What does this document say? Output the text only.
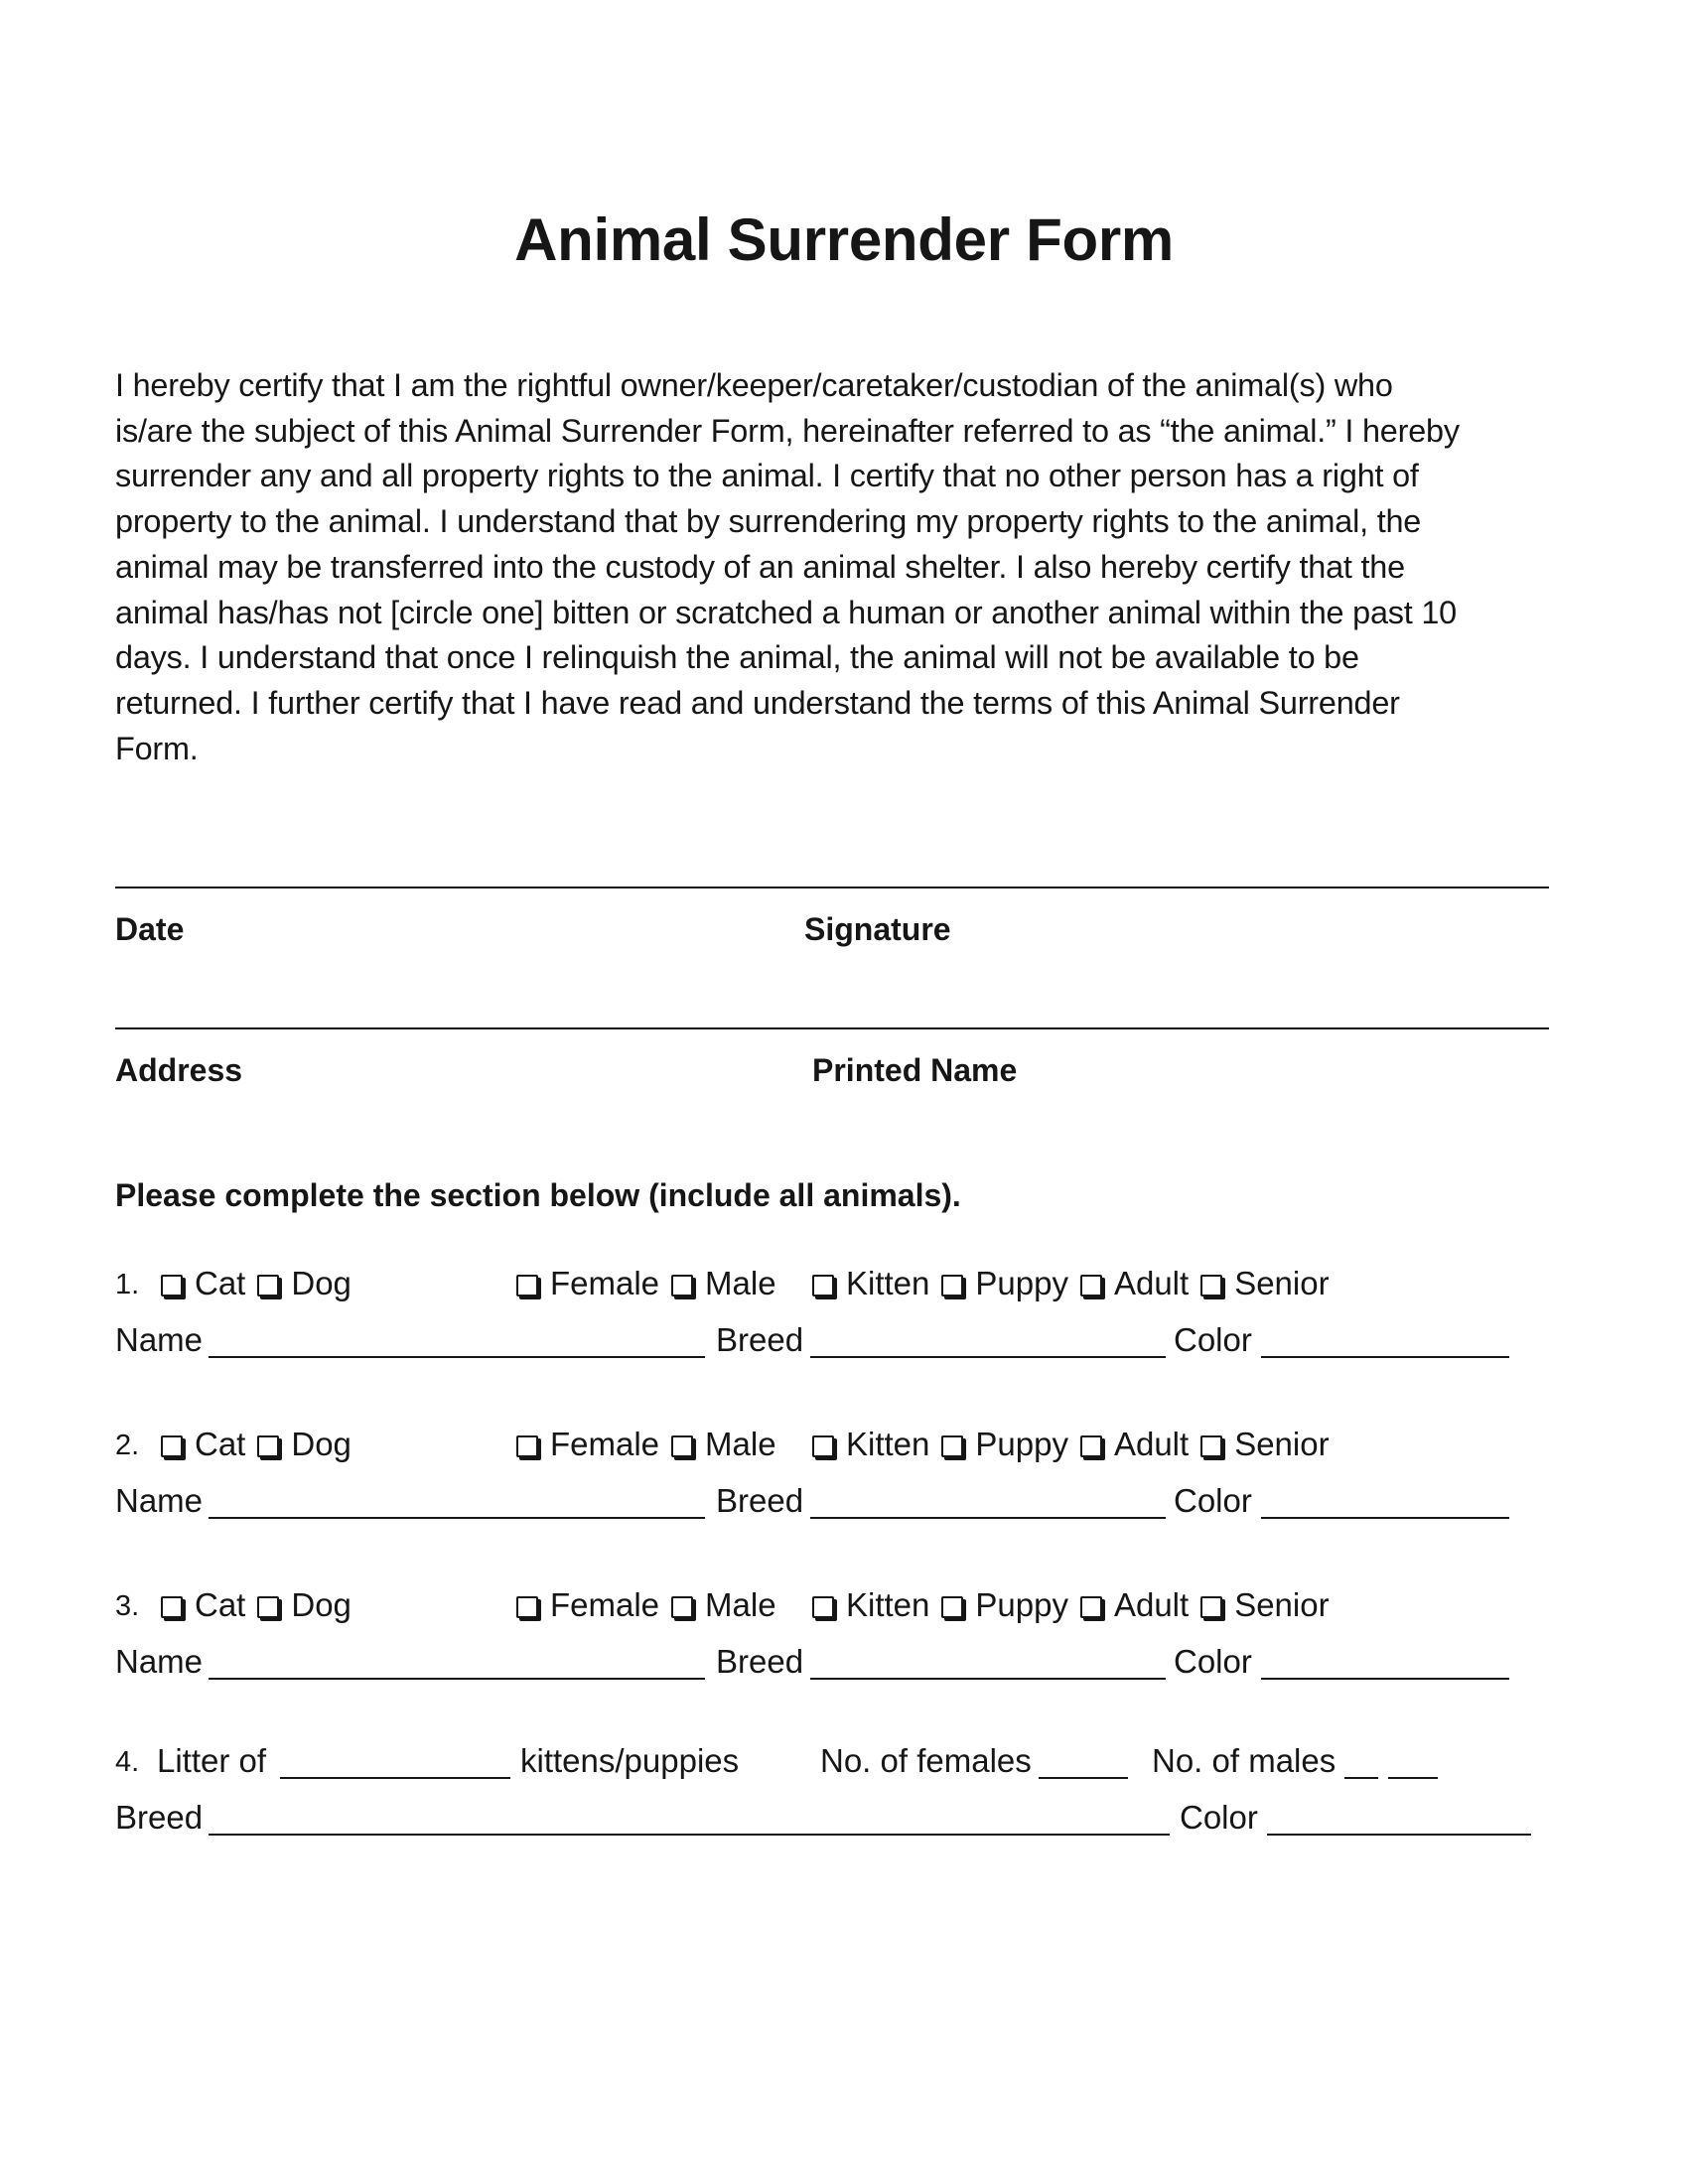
Animal Surrender Form

I hereby certify that I am the rightful owner/keeper/caretaker/custodian of the animal(s) who

is/are the subject of this Animal Surrender Form, hereinafter referred to as “the animal.” I hereby

surrender any and all property rights to the animal. I certify that no other person has a right of

property to the animal. I understand that by surrendering my property rights to the animal, the

animal may be transferred into the custody of an animal shelter. I also hereby certify that the

animal has/has not [circle one] bitten or scratched a human or another animal within the past 10

days. I understand that once I relinquish the animal, the animal will not be available to be

returned. I further certify that I have read and understand the terms of this Animal Surrender

Form.

Date	Signature
Address	Printed Name
Please complete the section below (include all animals).
1.	Cat Dog	Female Male	Kitten Puppy Adult Senior
Name	Breed	Color
2.	Cat Dog	Female Male	Kitten Puppy Adult Senior
Name	Breed	Color
3.	Cat Dog	Female Male	Kitten Puppy Adult Senior
Name	Breed	Color
4. Litter of	kittens/puppies No. of females	No. of males
Breed	Color
